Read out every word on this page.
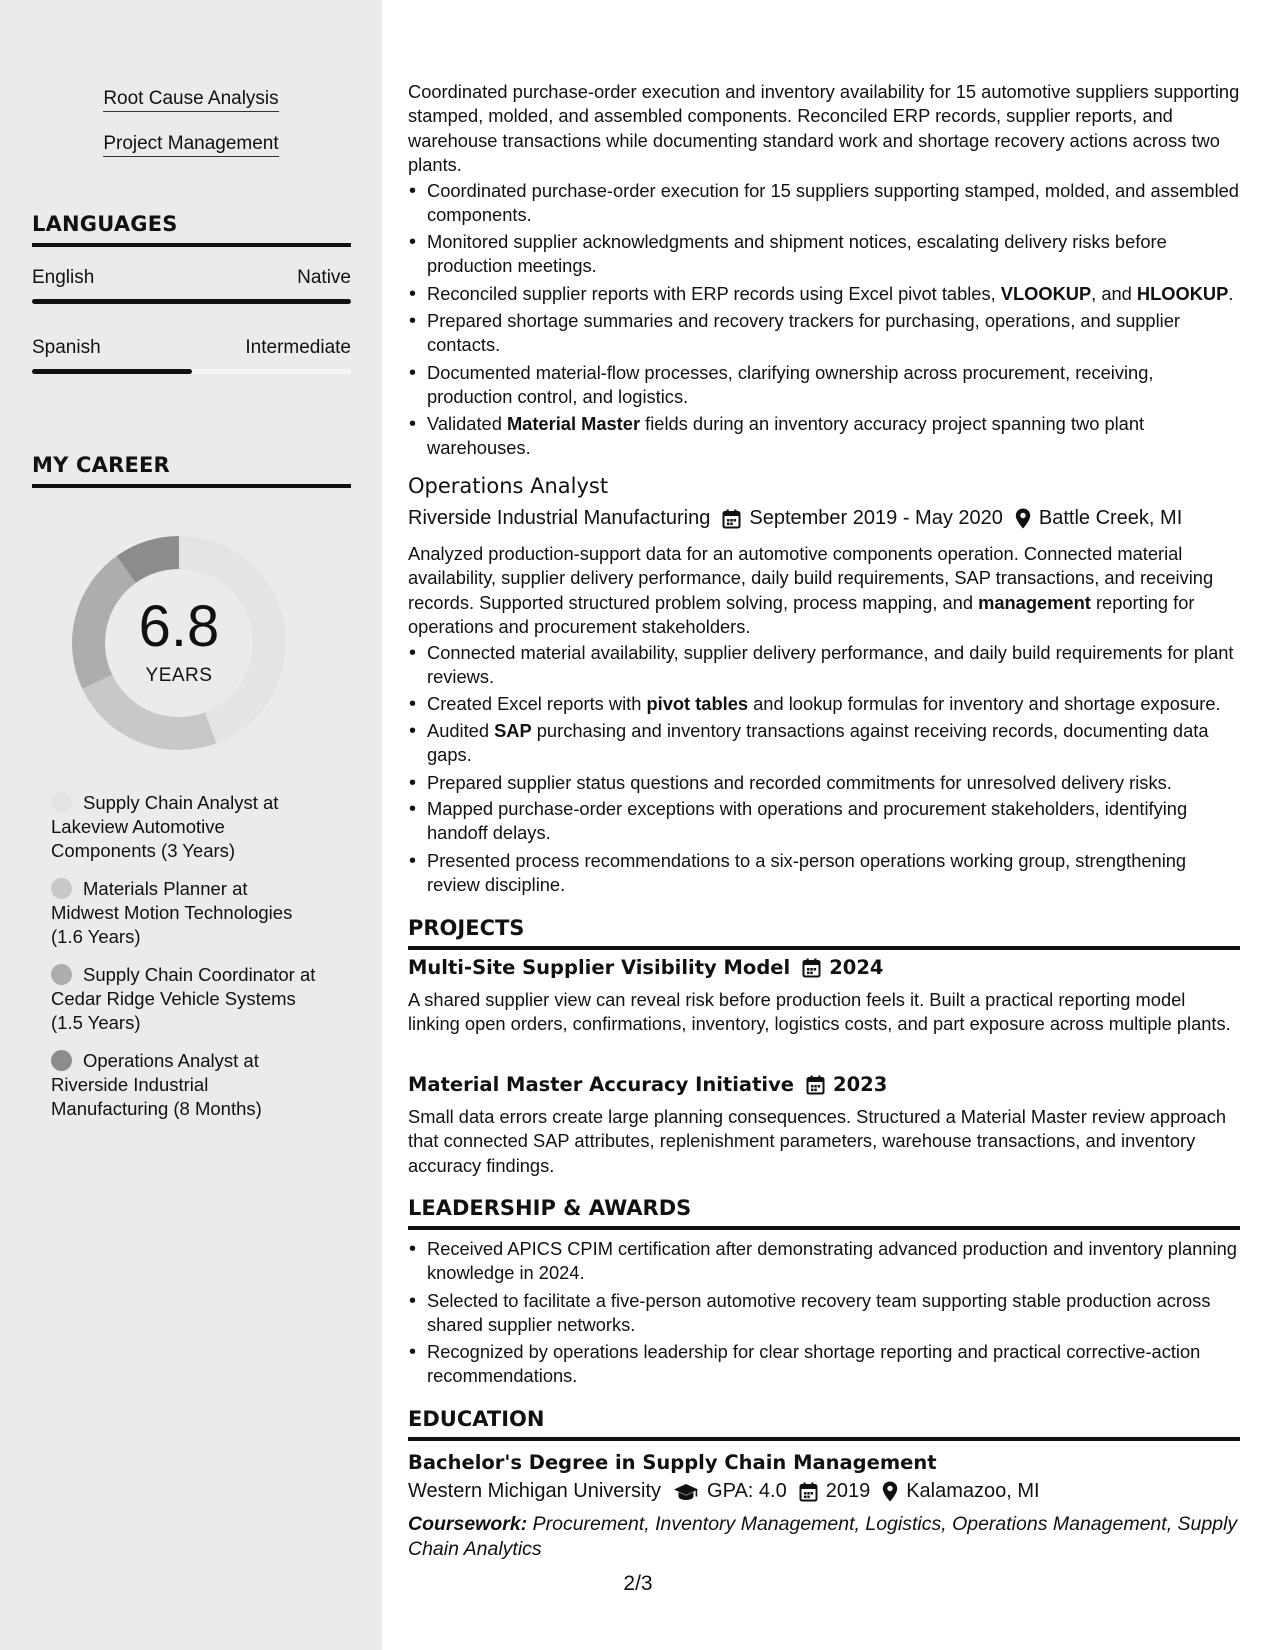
Root Cause Analysis
Project Management
LANGUAGES
English	Native
Spanish	Intermediate
MY CAREER
6.8
YEARS
Supply Chain Analyst at
Lakeview Automotive
Components (3 Years)
Materials Planner at
Midwest Motion Technologies
(1.6 Years)
Supply Chain Coordinator at
Cedar Ridge Vehicle Systems
(1.5 Years)
Operations Analyst at
Riverside Industrial
Manufacturing (8 Months)
Coordinated purchase-order execution and inventory availability for 15 automotive suppliers supporting stamped, molded, and assembled components. Reconciled ERP records, supplier reports, and warehouse transactions while documenting standard work and shortage recovery actions across two plants.
• Coordinated purchase-order execution for 15 suppliers supporting stamped, molded, and assembled components.
• Monitored supplier acknowledgments and shipment notices, escalating delivery risks before production meetings.
• Reconciled supplier reports with ERP records using Excel pivot tables, VLOOKUP, and HLOOKUP.
• Prepared shortage summaries and recovery trackers for purchasing, operations, and supplier contacts.
• Documented material-flow processes, clarifying ownership across procurement, receiving, production control, and logistics.
• Validated Material Master fields during an inventory accuracy project spanning two plant warehouses.
Operations Analyst
Riverside Industrial Manufacturing September 2019 - May 2020 Battle Creek, MI
Analyzed production-support data for an automotive components operation. Connected material availability, supplier delivery performance, daily build requirements, SAP transactions, and receiving records. Supported structured problem solving, process mapping, and management reporting for operations and procurement stakeholders.
• Connected material availability, supplier delivery performance, and daily build requirements for plant reviews.
• Created Excel reports with pivot tables and lookup formulas for inventory and shortage exposure.
• Audited SAP purchasing and inventory transactions against receiving records, documenting data gaps.
• Prepared supplier status questions and recorded commitments for unresolved delivery risks.
• Mapped purchase-order exceptions with operations and procurement stakeholders, identifying handoff delays.
• Presented process recommendations to a six-person operations working group, strengthening review discipline.
PROJECTS
Multi-Site Supplier Visibility Model 2024
A shared supplier view can reveal risk before production feels it. Built a practical reporting model linking open orders, confirmations, inventory, logistics costs, and part exposure across multiple plants.
Material Master Accuracy Initiative 2023
Small data errors create large planning consequences. Structured a Material Master review approach that connected SAP attributes, replenishment parameters, warehouse transactions, and inventory accuracy findings.
LEADERSHIP & AWARDS
• Received APICS CPIM certification after demonstrating advanced production and inventory planning knowledge in 2024.
• Selected to facilitate a five-person automotive recovery team supporting stable production across shared supplier networks.
• Recognized by operations leadership for clear shortage reporting and practical corrective-action recommendations.
EDUCATION
Bachelor's Degree in Supply Chain Management
Western Michigan University GPA: 4.0 2019 Kalamazoo, MI
Coursework: Procurement, Inventory Management, Logistics, Operations Management, Supply Chain Analytics
2/3
